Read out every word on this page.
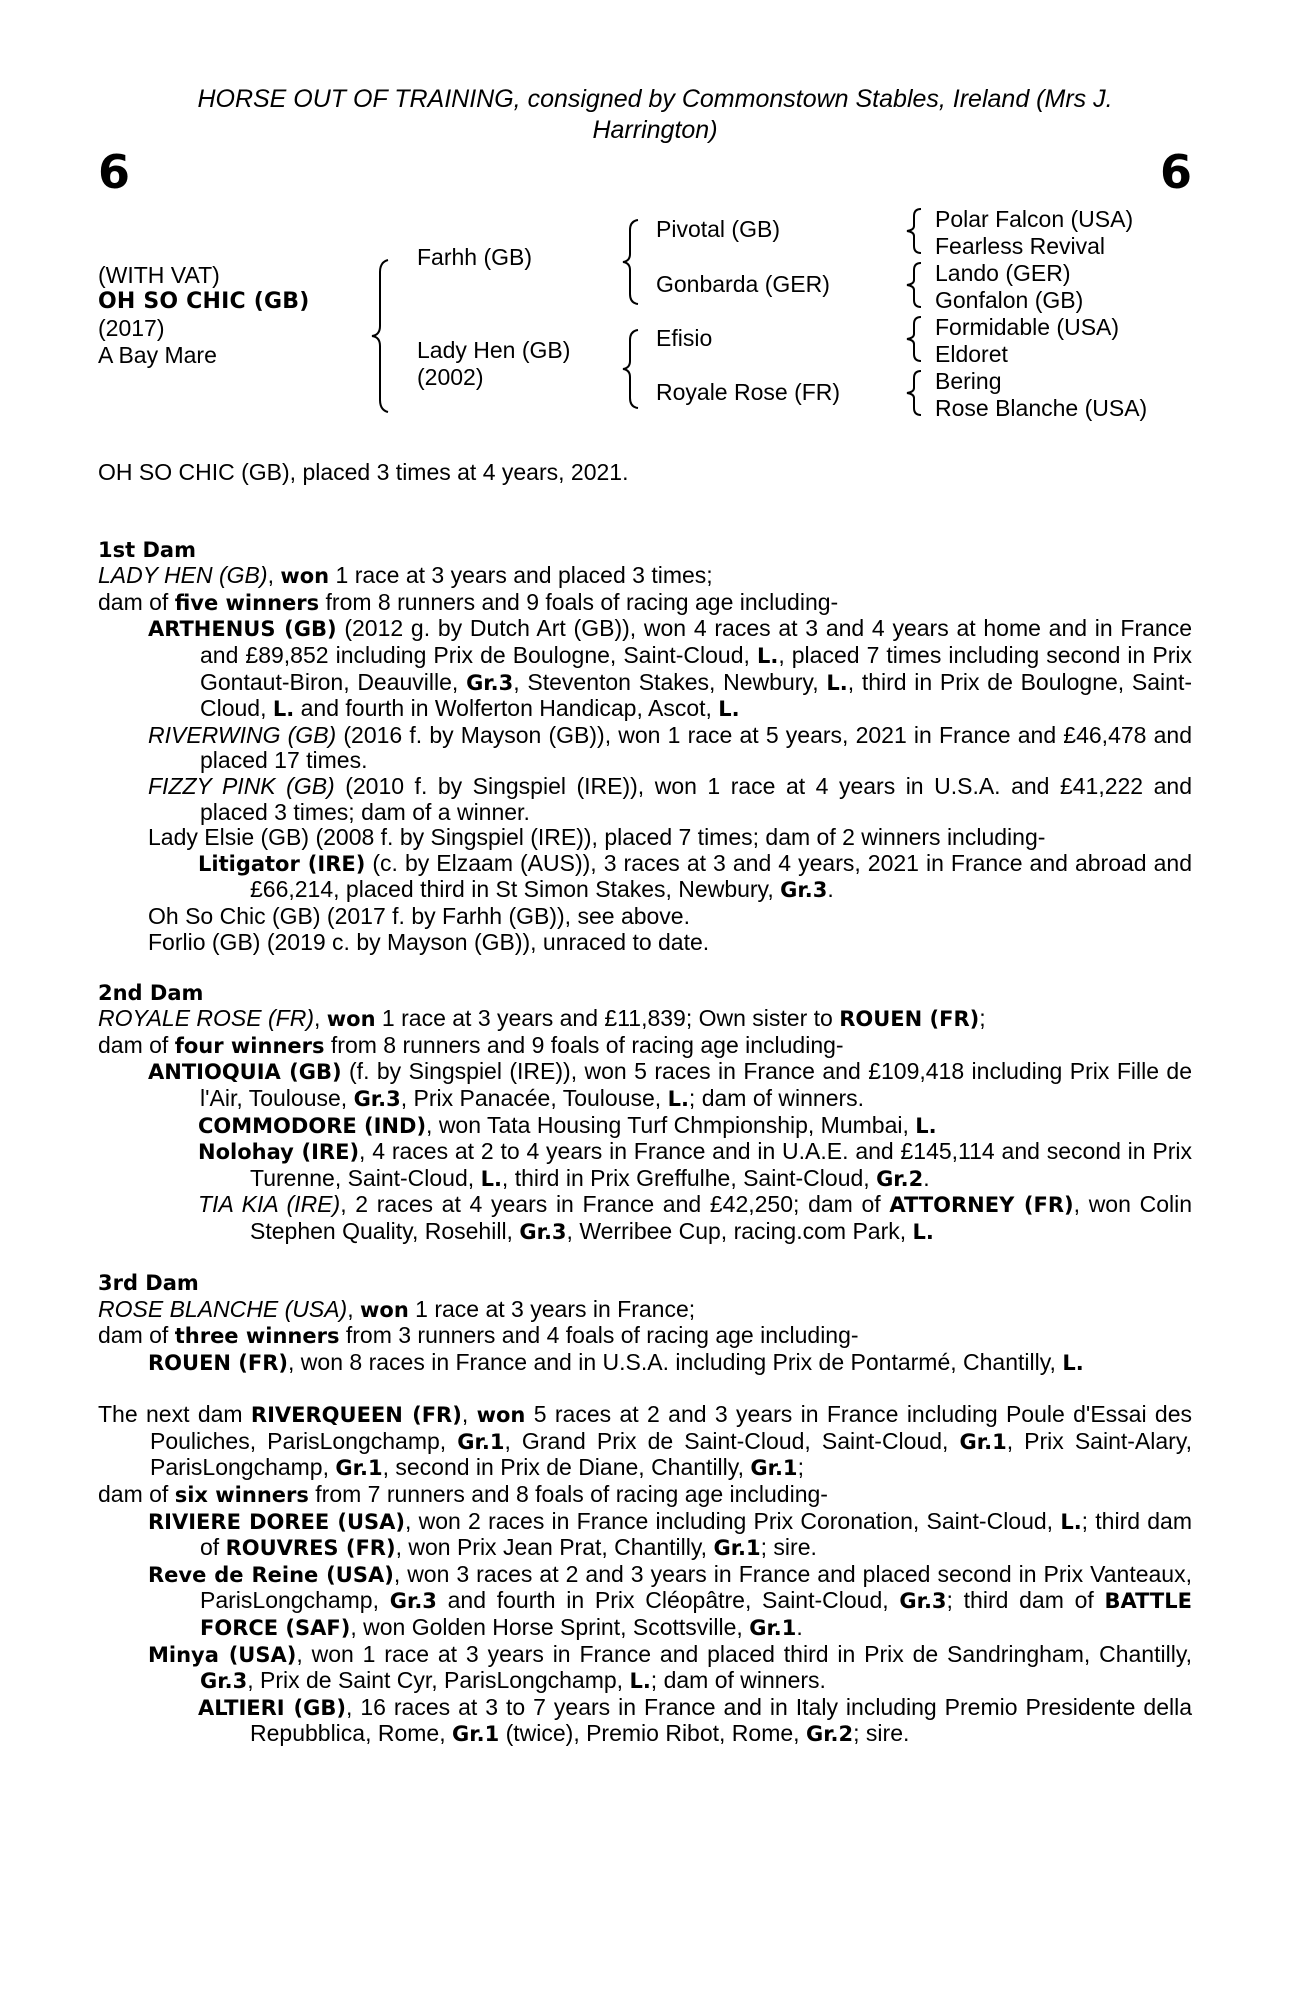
HORSE OUT OF TRAINING, consigned by Commonstown Stables, Ireland (Mrs J.
Harrington)
6	6
(WITH VAT)
OH SO CHIC (GB)
(2017)
A Bay Mare
Farhh (GB)
Lady Hen (GB)
(2002)
Pivotal (GB)
Gonbarda (GER)
Efisio
Royale Rose (FR)
Polar Falcon (USA)
Fearless Revival
Lando (GER)
Gonfalon (GB)
Formidable (USA)
Eldoret
Bering
Rose Blanche (USA)

OH SO CHIC (GB), placed 3 times at 4 years, 2021.

1st Dam

LADY HEN (GB), won 1 race at 3 years and placed 3 times;

dam of five winners from 8 runners and 9 foals of racing age including-

ARTHENUS (GB) (2012 g. by Dutch Art (GB)), won 4 races at 3 and 4 years at home and in France and £89,852 including Prix de Boulogne, Saint-Cloud, L., placed 7 times including second in Prix Gontaut-Biron, Deauville, Gr.3, Steventon Stakes, Newbury, L., third in Prix de Boulogne, Saint-Cloud, L. and fourth in Wolferton Handicap, Ascot, L.

RIVERWING (GB) (2016 f. by Mayson (GB)), won 1 race at 5 years, 2021 in France and £46,478 and placed 17 times.

FIZZY PINK (GB) (2010 f. by Singspiel (IRE)), won 1 race at 4 years in U.S.A. and £41,222 and placed 3 times; dam of a winner.

Lady Elsie (GB) (2008 f. by Singspiel (IRE)), placed 7 times; dam of 2 winners including-

Litigator (IRE) (c. by Elzaam (AUS)), 3 races at 3 and 4 years, 2021 in France and abroad and £66,214, placed third in St Simon Stakes, Newbury, Gr.3.

Oh So Chic (GB) (2017 f. by Farhh (GB)), see above.

Forlio (GB) (2019 c. by Mayson (GB)), unraced to date.

2nd Dam

ROYALE ROSE (FR), won 1 race at 3 years and £11,839; Own sister to ROUEN (FR);

dam of four winners from 8 runners and 9 foals of racing age including-

ANTIOQUIA (GB) (f. by Singspiel (IRE)), won 5 races in France and £109,418 including Prix Fille de l'Air, Toulouse, Gr.3, Prix Panacée, Toulouse, L.; dam of winners.

COMMODORE (IND), won Tata Housing Turf Chmpionship, Mumbai, L.

Nolohay (IRE), 4 races at 2 to 4 years in France and in U.A.E. and £145,114 and second in Prix Turenne, Saint-Cloud, L., third in Prix Greffulhe, Saint-Cloud, Gr.2.

TIA KIA (IRE), 2 races at 4 years in France and £42,250; dam of ATTORNEY (FR), won Colin Stephen Quality, Rosehill, Gr.3, Werribee Cup, racing.com Park, L.

3rd Dam

ROSE BLANCHE (USA), won 1 race at 3 years in France;

dam of three winners from 3 runners and 4 foals of racing age including-

ROUEN (FR), won 8 races in France and in U.S.A. including Prix de Pontarmé, Chantilly, L.

The next dam RIVERQUEEN (FR), won 5 races at 2 and 3 years in France including Poule d'Essai des Pouliches, ParisLongchamp, Gr.1, Grand Prix de Saint-Cloud, Saint-Cloud, Gr.1, Prix Saint-Alary, ParisLongchamp, Gr.1, second in Prix de Diane, Chantilly, Gr.1;

dam of six winners from 7 runners and 8 foals of racing age including-

RIVIERE DOREE (USA), won 2 races in France including Prix Coronation, Saint-Cloud, L.; third dam of ROUVRES (FR), won Prix Jean Prat, Chantilly, Gr.1; sire.

Reve de Reine (USA), won 3 races at 2 and 3 years in France and placed second in Prix Vanteaux, ParisLongchamp, Gr.3 and fourth in Prix Cléopâtre, Saint-Cloud, Gr.3; third dam of BATTLE FORCE (SAF), won Golden Horse Sprint, Scottsville, Gr.1.

Minya (USA), won 1 race at 3 years in France and placed third in Prix de Sandringham, Chantilly, Gr.3, Prix de Saint Cyr, ParisLongchamp, L.; dam of winners.

ALTIERI (GB), 16 races at 3 to 7 years in France and in Italy including Premio Presidente della Repubblica, Rome, Gr.1 (twice), Premio Ribot, Rome, Gr.2; sire.
